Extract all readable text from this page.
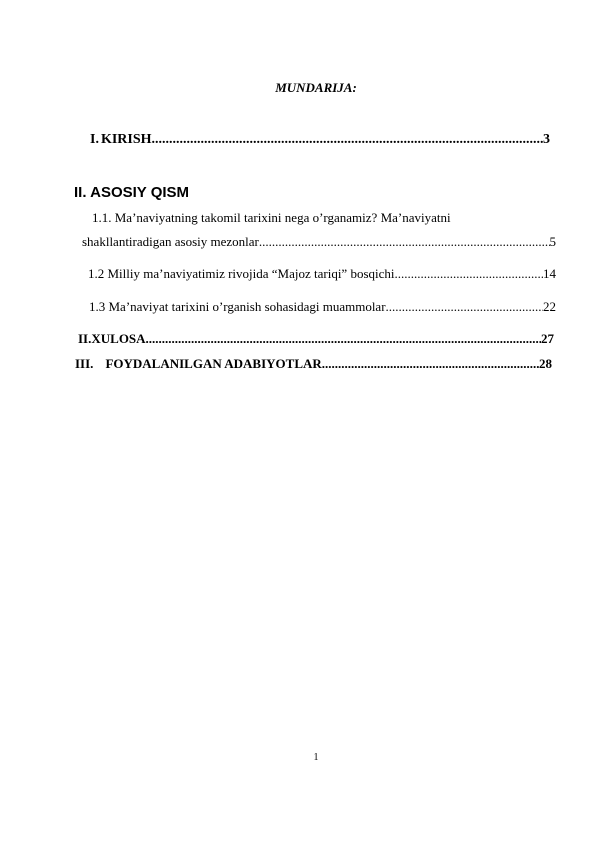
MUNDARIJA:
I. KIRISH .....	3
II. ASOSIY QISM
1.1. Ma’naviyatning takomil tarixini nega o’rganamiz? Ma’naviyatni
shakllantiradigan asosiy mezonlar .....	5
1.2 Milliy ma’naviyatimiz rivojida “Majoz tariqi” bosqichi .....	14
1.3 Ma’naviyat tarixini o’rganish sohasidagi muammolar .....	22
II.XULOSA .....	27
III. FOYDALANILGAN ADABIYOTLAR .....	28
1
